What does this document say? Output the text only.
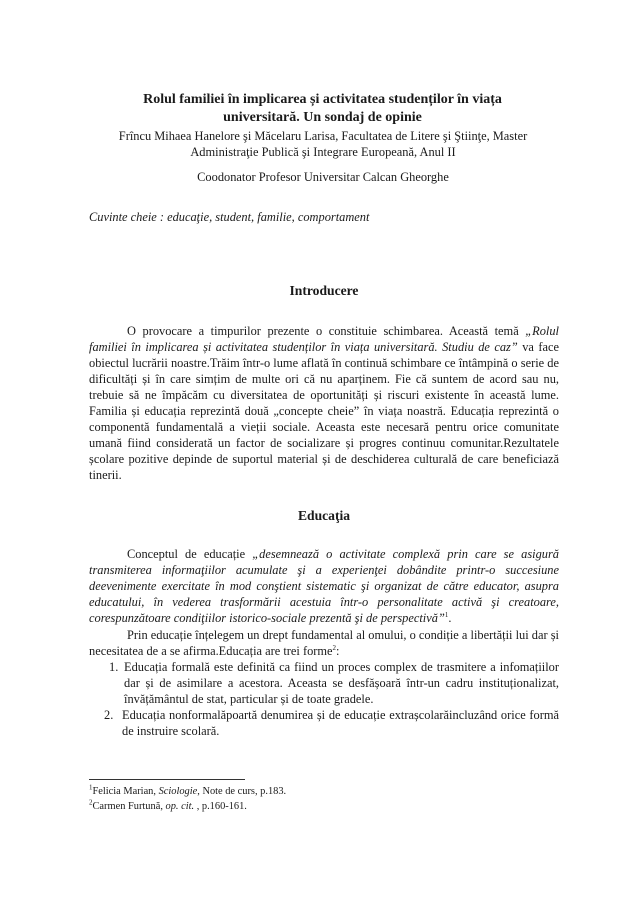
Rolul familiei în implicarea și activitatea studenților în viața
universitară. Un sondaj de opinie
Frîncu Mihaea Hanelore şi Măcelaru Larisa, Facultatea de Litere şi Ştiinţe, Master
Administraţie Publică şi Integrare Europeană, Anul II
Coodonator Profesor Universitar Calcan Gheorghe
Cuvinte cheie : educaţie, student, familie, comportament
Introducere

O provocare a timpurilor prezente o constituie schimbarea. Această temă „Rolul familiei în implicarea și activitatea studenților în viața universitară. Studiu de caz” va face obiectul lucrării noastre.Trăim într-o lume aflată în continuă schimbare ce întâmpină o serie de dificultăți și în care simțim de multe ori că nu aparținem. Fie că suntem de acord sau nu, trebuie să ne împăcăm cu diversitatea de oportunități și riscuri existente în această lume. Familia și educația reprezintă două „concepte cheie” în viața noastră. Educația reprezintă o componentă fundamentală a vieții sociale. Aceasta este necesară pentru orice comunitate umană fiind considerată un factor de socializare și progres continuu comunitar.Rezultatele școlare pozitive depinde de suportul material și de deschiderea culturală de care beneficiază tinerii.

Educaţia

Conceptul de educație „desemnează o activitate complexă prin care se asigură transmiterea informaţiilor acumulate şi a experienţei dobândite printr-o succesiune deevenimente exercitate în mod conştient sistematic şi organizat de către educator, asupra educatului, în vederea trasformării acestuia într-o personalitate activă şi creatoare, corespunzătoare condiţiilor istorico-sociale prezentă şi de perspectivă”$^1$.

Prin educație înțelegem un drept fundamental al omului, o condiție a libertății lui dar și necesitatea de a se afirma.Educația are trei forme$^2$:

1. Educația formală este definită ca fiind un proces complex de trasmitere a infomațiilor dar și de asimilare a acestora. Aceasta se desfășoară într-un cadru instituționalizat, învățământul de stat, particular și de toate gradele.
2. Educația nonformalăpoartă denumirea și de educație extrașcolarăincluzând orice formă de instruire scolară.
$^1$Felicia Marian, Sciologie, Note de curs, p.183.
$^2$Carmen Furtună, op. cit. , p.160-161.
